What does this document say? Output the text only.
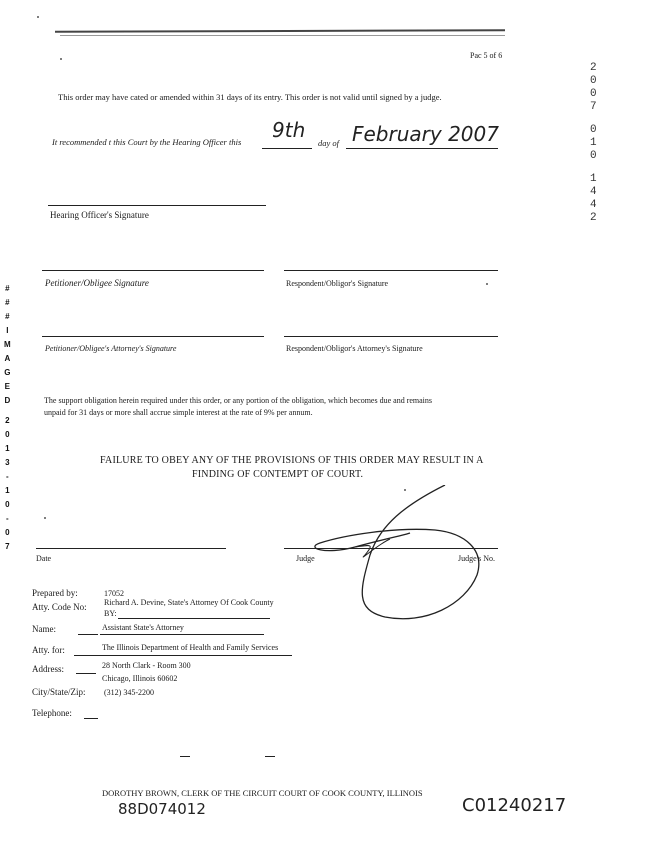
Pac 5 of 6
2
0
0
7
0
1
0
1
4
4
2
#
#
#
I
M
A
G
E
D
2
0
1
3
-
1
0
-
0
7
This order may have cated or amended within 31 days of its entry. This order is not valid until signed by a judge.
It recommended t this Court by the Hearing Officer this 9th
day of February 2007
Hearing Officer's Signature
Petitioner/Obligee Signature	Respondent/Obligor's Signature
Petitioner/Obligee's Attorney's Signature	Respondent/Obligor's Attorney's Signature
The support obligation herein required under this order, or any portion of the obligation, which becomes due and remains
unpaid for 31 days or more shall accrue simple interest at the rate of 9% per annum.
FAILURE TO OBEY ANY OF THE PROVISIONS OF THIS ORDER MAY RESULT IN A
FINDING OF CONTEMPT OF COURT.
Date	Judge	Judge's No.
Prepared by:	17052
Atty. Code No: Richard A. Devine, State's Attorney Of Cook County
BY:
Name:	Assistant State's Attorney
Atty. for:	The Illinois Department of Health and Family Services
Address:	28 North Clark - Room 300
Chicago, Illinois 60602
City/State/Zip: (312) 345-2200
Telephone:
DOROTHY BROWN, CLERK OF THE CIRCUIT COURT OF COOK COUNTY, ILLINOIS
88D074012	C01240217
